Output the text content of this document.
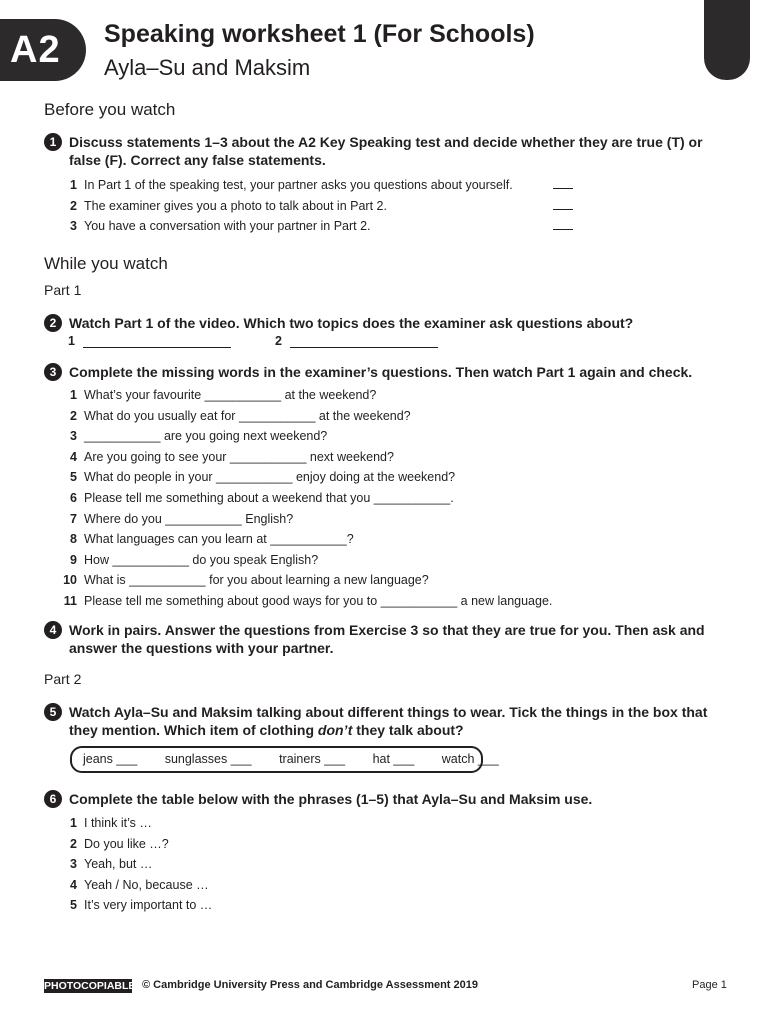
A2	Speaking worksheet 1 (For Schools)
Ayla–Su and Maksim
Before you watch
1 Discuss statements 1–3 about the A2 Key Speaking test and decide whether they are true (T) or false (F). Correct any false statements.
1 In Part 1 of the speaking test, your partner asks you questions about yourself.
2 The examiner gives you a photo to talk about in Part 2.
3 You have a conversation with your partner in Part 2.
While you watch
Part 1
2 Watch Part 1 of the video. Which two topics does the examiner ask questions about?
1	2
3 Complete the missing words in the examiner’s questions. Then watch Part 1 again and check.
1 What’s your favourite ___________ at the weekend?
2 What do you usually eat for ___________ at the weekend?
3 ___________ are you going next weekend?
4 Are you going to see your ___________ next weekend?
5 What do people in your ___________ enjoy doing at the weekend?
6 Please tell me something about a weekend that you ___________.
7 Where do you ___________ English?
8 What languages can you learn at ___________?
9 How ___________ do you speak English?
10 What is ___________ for you about learning a new language?
11 Please tell me something about good ways for you to ___________ a new language.
4 Work in pairs. Answer the questions from Exercise 3 so that they are true for you. Then ask and answer the questions with your partner.
Part 2
5 Watch Ayla–Su and Maksim talking about different things to wear. Tick the things in the box that they mention. Which item of clothing don’t they talk about?
jeans ___ sunglasses ___ trainers ___ hat ___ watch ___
6 Complete the table below with the phrases (1–5) that Ayla–Su and Maksim use.
1 I think it’s …
2 Do you like …?
3 Yeah, but …
4 Yeah / No, because …
5 It’s very important to …
PHOTOCOPIABLE © Cambridge University Press and Cambridge Assessment 2019	Page 1
